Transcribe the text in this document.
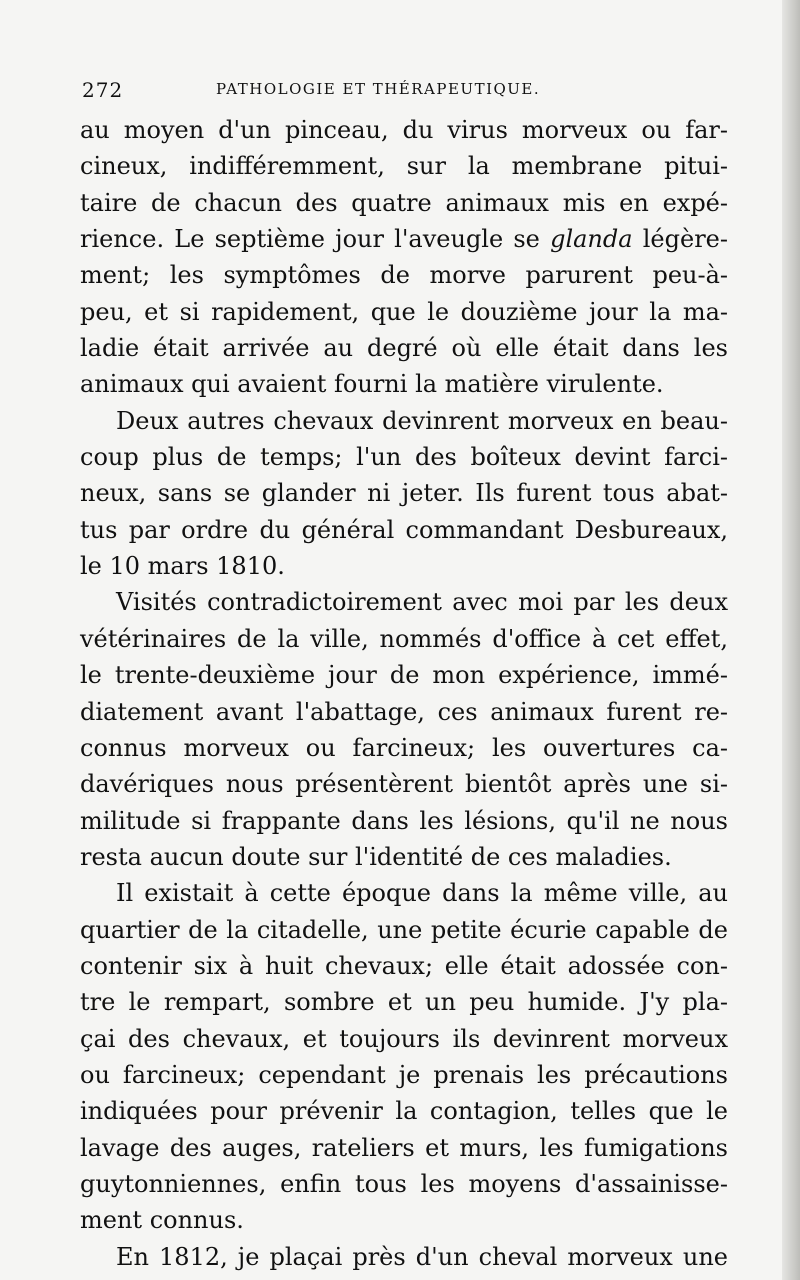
272	PATHOLOGIE ET THÉRAPEUTIQUE.
au moyen d'un pinceau, du virus morveux ou far-
cineux, indifféremment, sur la membrane pitui-
taire de chacun des quatre animaux mis en expé-
rience. Le septième jour l'aveugle se glanda légère-
ment; les symptômes de morve parurent peu-à-
peu, et si rapidement, que le douzième jour la ma-
ladie était arrivée au degré où elle était dans les
animaux qui avaient fourni la matière virulente.
Deux autres chevaux devinrent morveux en beau-
coup plus de temps; l'un des boîteux devint farci-
neux, sans se glander ni jeter. Ils furent tous abat-
tus par ordre du général commandant Desbureaux,
le 10 mars 1810.
Visités contradictoirement avec moi par les deux
vétérinaires de la ville, nommés d'office à cet effet,
le trente-deuxième jour de mon expérience, immé-
diatement avant l'abattage, ces animaux furent re-
connus morveux ou farcineux; les ouvertures ca-
davériques nous présentèrent bientôt après une si-
militude si frappante dans les lésions, qu'il ne nous
resta aucun doute sur l'identité de ces maladies.
Il existait à cette époque dans la même ville, au
quartier de la citadelle, une petite écurie capable de
contenir six à huit chevaux; elle était adossée con-
tre le rempart, sombre et un peu humide. J'y pla-
çai des chevaux, et toujours ils devinrent morveux
ou farcineux; cependant je prenais les précautions
indiquées pour prévenir la contagion, telles que le
lavage des auges, rateliers et murs, les fumigations
guytonniennes, enfin tous les moyens d'assainisse-
ment connus.
En 1812, je plaçai près d'un cheval morveux une
